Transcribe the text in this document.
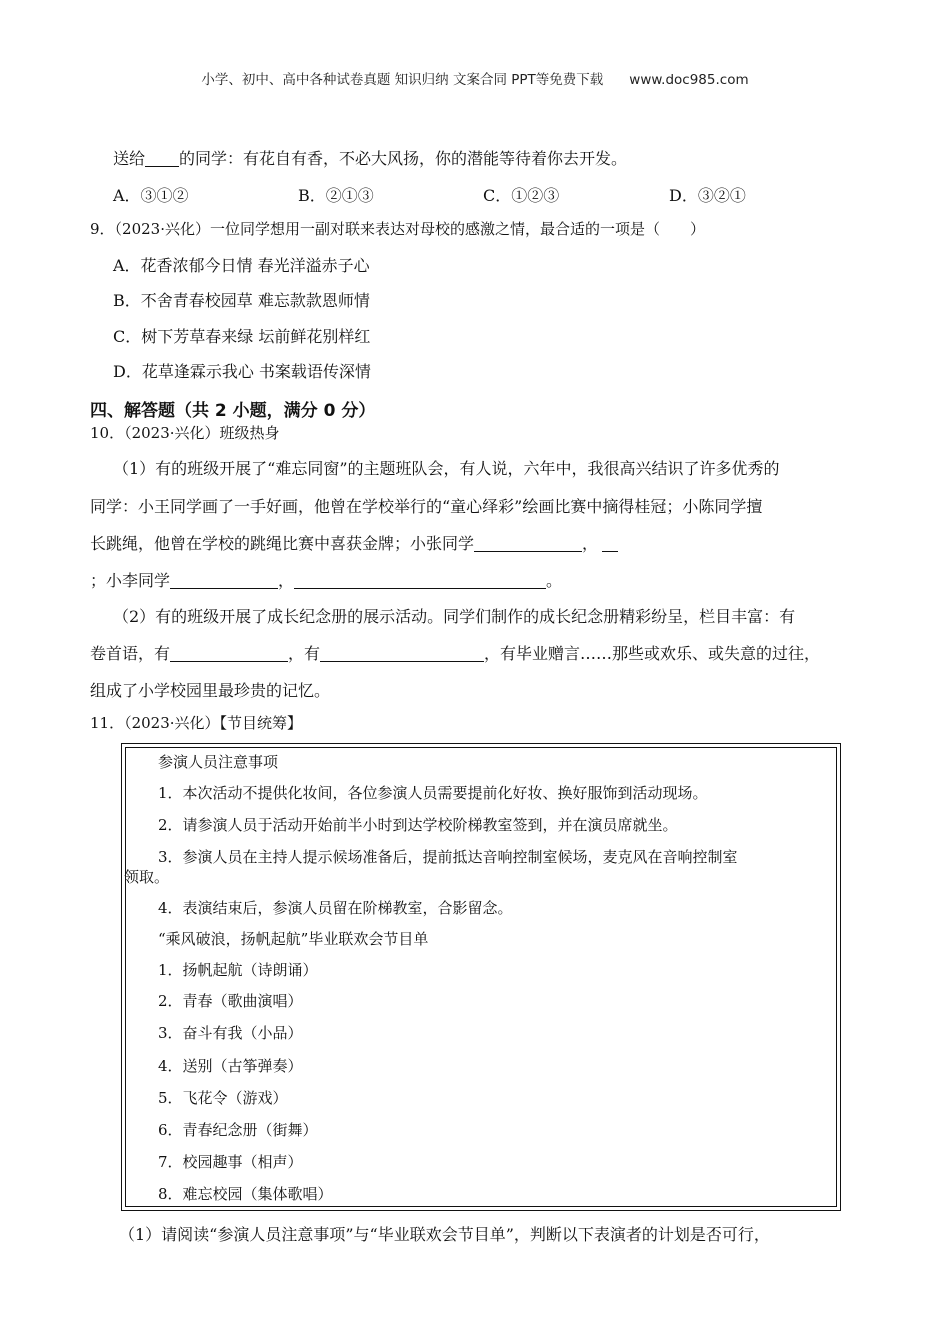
小学、初中、高中各种试卷真题 知识归纳 文案合同 PPT等免费下载 www.doc985.com
送给 的同学：有花自有香，不必大风扬，你的潜能等待着你去开发。
A．③①②	B．②①③	C．①②③	D．③②①
9．（2023·兴化）一位同学想用一副对联来表达对母校的感激之情，最合适的一项是（　　）
A．花香浓郁今日情 春光洋溢赤子心
B．不舍青春校园草 难忘款款恩师情
C．树下芳草春来绿 坛前鲜花别样红
D．花草逢霖示我心 书案载语传深情
四、解答题（共 2 小题，满分 0 分）
10．（2023·兴化）班级热身
（1）有的班级开展了“难忘同窗”的主题班队会，有人说，六年中，我很高兴结识了许多优秀的
同学：小王同学画了一手好画，他曾在学校举行的“童心绎彩”绘画比赛中摘得桂冠；小陈同学擅
长跳绳，他曾在学校的跳绳比赛中喜获金牌；小张同学	，
；小李同学	，	。
（2）有的班级开展了成长纪念册的展示活动。同学们制作的成长纪念册精彩纷呈，栏目丰富：有
卷首语，有	，有	，有毕业赠言……那些或欢乐、或失意的过往，
组成了小学校园里最珍贵的记忆。
11．（2023·兴化）【节目统筹】
参演人员注意事项
1．本次活动不提供化妆间，各位参演人员需要提前化好妆、换好服饰到活动现场。
2．请参演人员于活动开始前半小时到达学校阶梯教室签到，并在演员席就坐。
3．参演人员在主持人提示候场准备后，提前抵达音响控制室候场，麦克风在音响控制室
领取。
4．表演结束后，参演人员留在阶梯教室，合影留念。
“乘风破浪，扬帆起航”毕业联欢会节目单
1．扬帆起航（诗朗诵）
2．青春（歌曲演唱）
3．奋斗有我（小品）
4．送别（古筝弹奏）
5．飞花令（游戏）
6．青春纪念册（街舞）
7．校园趣事（相声）
8．难忘校园（集体歌唱）
（1）请阅读“参演人员注意事项”与“毕业联欢会节目单”，判断以下表演者的计划是否可行，
